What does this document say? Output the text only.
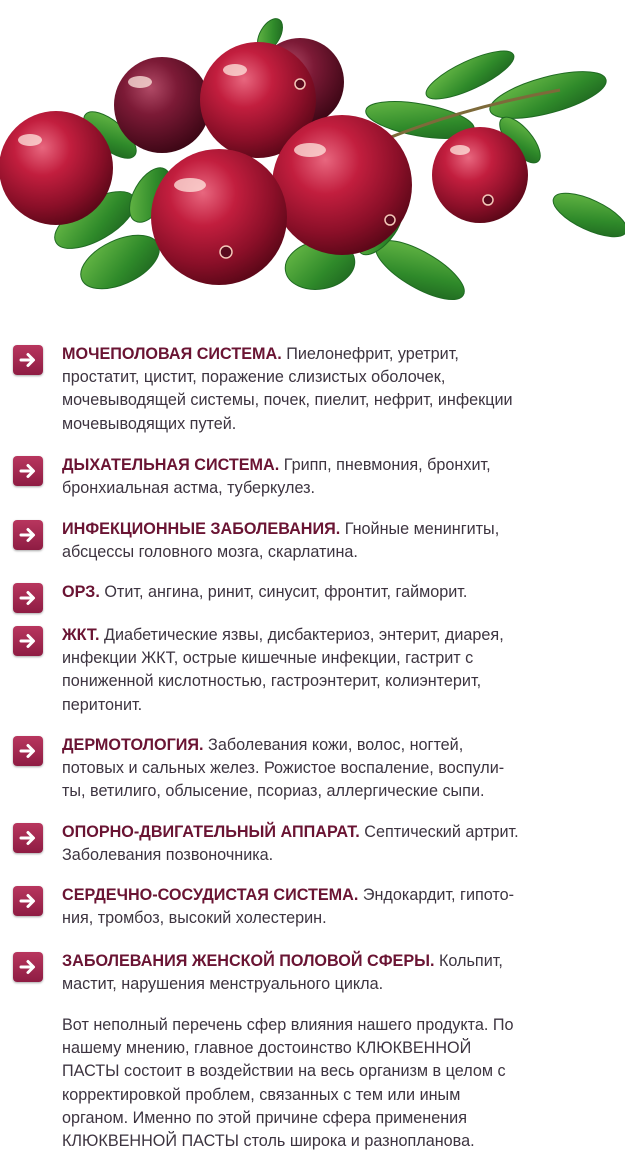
МОЧЕПОЛОВАЯ СИСТЕМА. Пиелонефрит, уретрит,
простатит, цистит, поражение слизистых оболочек,
мочевыводящей системы, почек, пиелит, нефрит, инфекции
мочевыводящих путей.
ДЫХАТЕЛЬНАЯ СИСТЕМА. Грипп, пневмония, бронхит,
бронхиальная астма, туберкулез.
ИНФЕКЦИОННЫЕ ЗАБОЛЕВАНИЯ. Гнойные менингиты,
абсцессы головного мозга, скарлатина.
ОРЗ. Отит, ангина, ринит, синусит, фронтит, гайморит.
ЖКТ. Диабетические язвы, дисбактериоз, энтерит, диарея,
инфекции ЖКТ, острые кишечные инфекции, гастрит с
пониженной кислотностью, гастроэнтерит, колиэнтерит,
перитонит.
ДЕРМОТОЛОГИЯ. Заболевания кожи, волос, ногтей,
потовых и сальных желез. Рожистое воспаление, воспули-
ты, ветилиго, облысение, псориаз, аллергические сыпи.
ОПОРНО-ДВИГАТЕЛЬНЫЙ АППАРАТ. Септический артрит.
Заболевания позвоночника.
СЕРДЕЧНО-СОСУДИСТАЯ СИСТЕМА. Эндокардит, гипото-
ния, тромбоз, высокий холестерин.
ЗАБОЛЕВАНИЯ ЖЕНСКОЙ ПОЛОВОЙ СФЕРЫ. Кольпит,
мастит, нарушения менструального цикла.
Вот неполный перечень сфер влияния нашего продукта. По
нашему мнению, главное достоинство КЛЮКВЕННОЙ
ПАСТЫ состоит в воздействии на весь организм в целом с
корректировкой проблем, связанных с тем или иным
органом. Именно по этой причине сфера применения
КЛЮКВЕННОЙ ПАСТЫ столь широка и разнопланова.
